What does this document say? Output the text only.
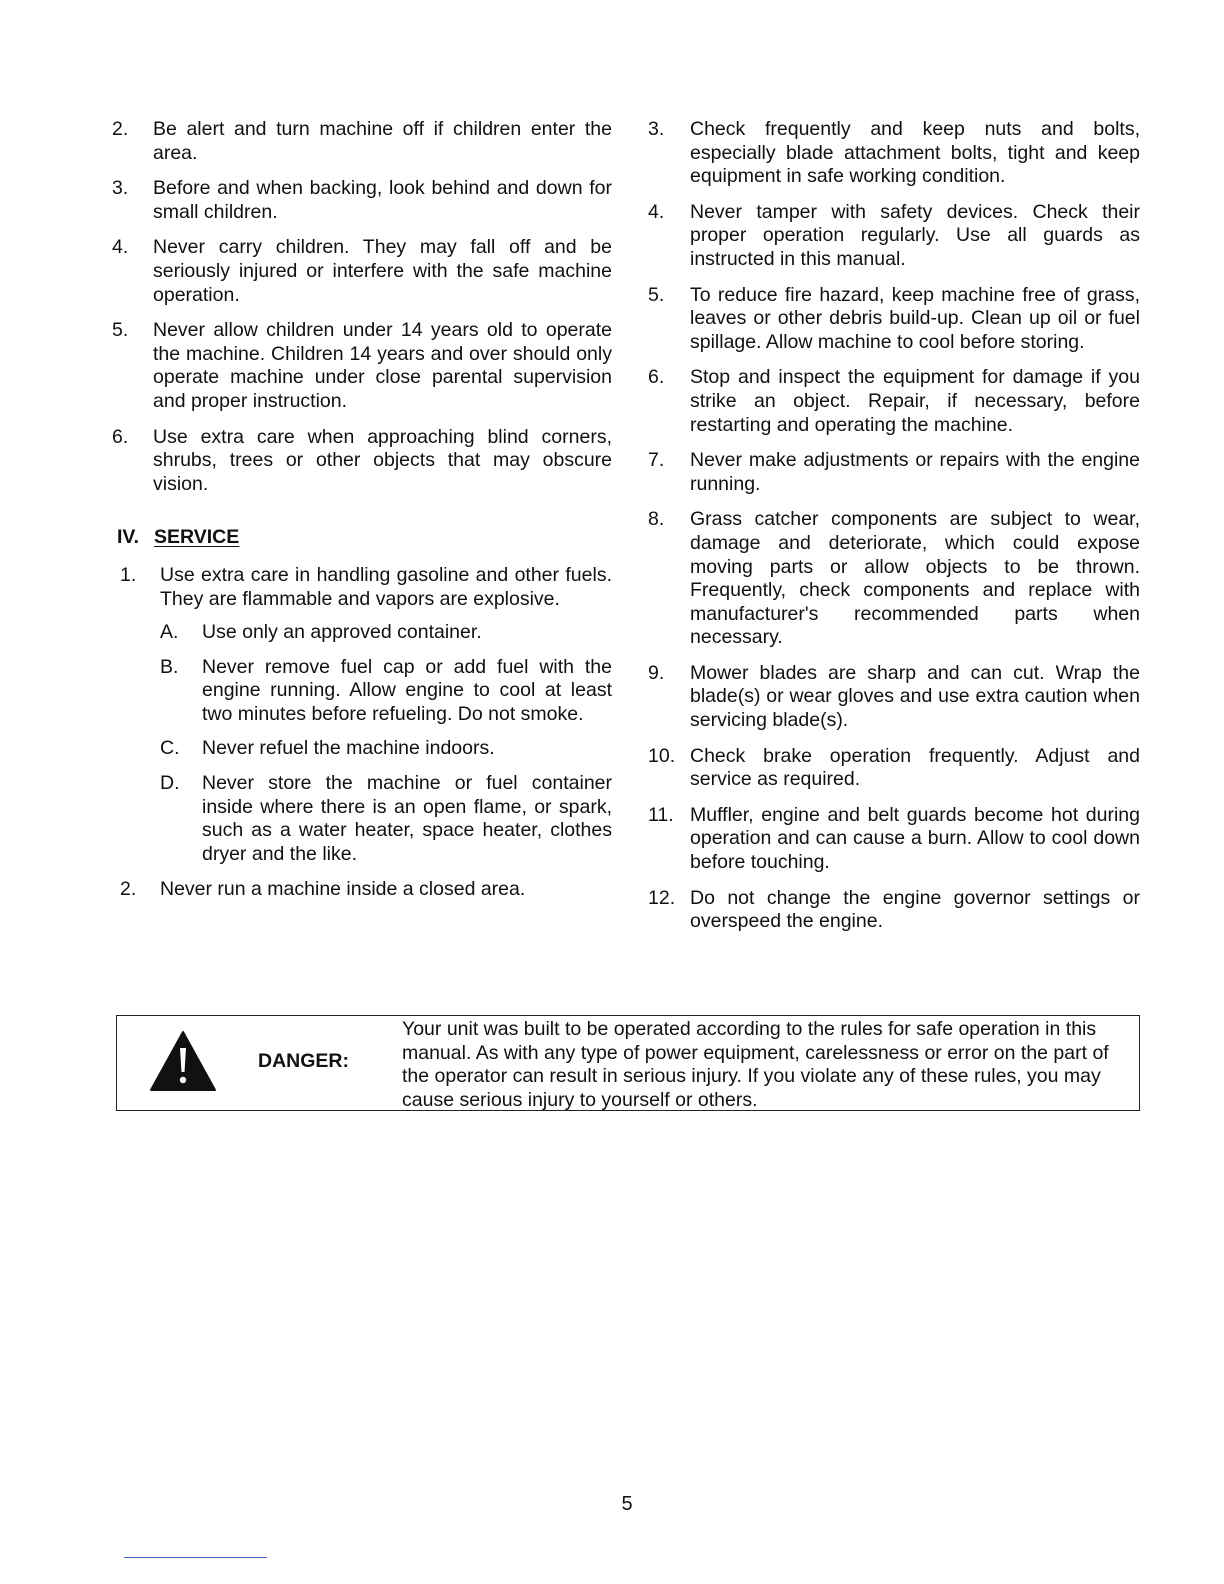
2.	Be alert and turn machine off if children enter the area.
3.	Before and when backing, look behind and down for small children.
4.	Never carry children. They may fall off and be seriously injured or interfere with the safe machine operation.
5.	Never allow children under 14 years old to operate the machine. Children 14 years and over should only operate machine under close parental supervision and proper instruction.
6.	Use extra care when approaching blind corners, shrubs, trees or other objects that may obscure vision.
IV. SERVICE
1.	Use extra care in handling gasoline and other fuels. They are flammable and vapors are explosive.
A. Use only an approved container.
B. Never remove fuel cap or add fuel with the engine running. Allow engine to cool at least two minutes before refueling. Do not smoke.
C. Never refuel the machine indoors.
D. Never store the machine or fuel container inside where there is an open flame, or spark, such as a water heater, space heater, clothes dryer and the like.
2.	Never run a machine inside a closed area.
3.	Check frequently and keep nuts and bolts, especially blade attachment bolts, tight and keep equipment in safe working condition.
4.	Never tamper with safety devices. Check their proper operation regularly. Use all guards as instructed in this manual.
5.	To reduce fire hazard, keep machine free of grass, leaves or other debris build-up. Clean up oil or fuel spillage. Allow machine to cool before storing.
6.	Stop and inspect the equipment for damage if you strike an object. Repair, if necessary, before restarting and operating the machine.
7.	Never make adjustments or repairs with the engine running.
8.	Grass catcher components are subject to wear, damage and deteriorate, which could expose moving parts or allow objects to be thrown. Frequently, check components and replace with manufacturer's recommended parts when necessary.
9.	Mower blades are sharp and can cut. Wrap the blade(s) or wear gloves and use extra caution when servicing blade(s).
10. Check brake operation frequently. Adjust and service as required.
11. Muffler, engine and belt guards become hot during operation and can cause a burn. Allow to cool down before touching.
12. Do not change the engine governor settings or overspeed the engine.
DANGER:
Your unit was built to be operated according to the rules for safe operation in this manual. As with any type of power equipment, carelessness or error on the part of the operator can result in serious injury. If you violate any of these rules, you may cause serious injury to yourself or others.
5
